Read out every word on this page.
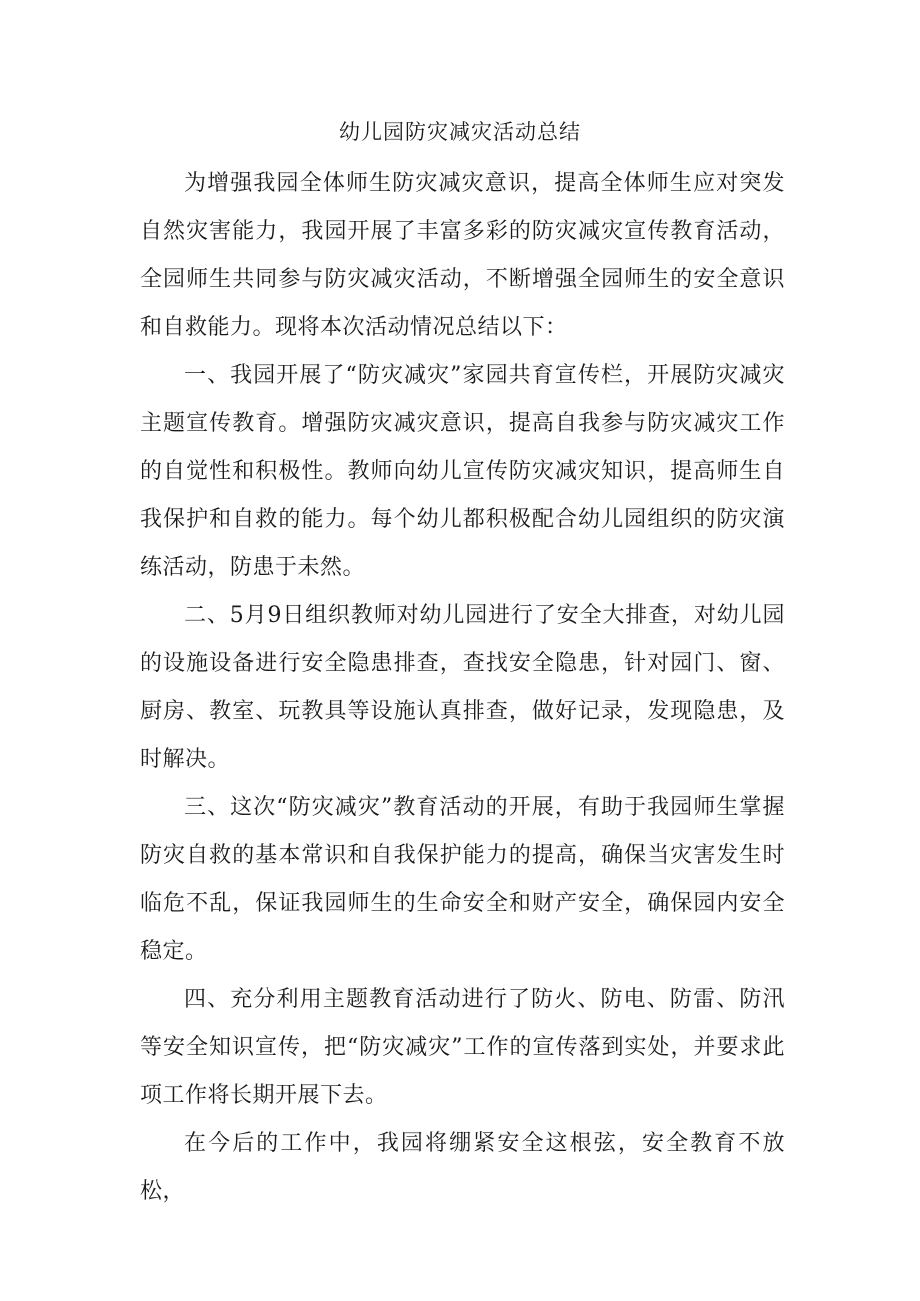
幼儿园防灾减灾活动总结

为增强我园全体师生防灾减灾意识，提高全体师生应对突发自然灾害能力，我园开展了丰富多彩的防灾减灾宣传教育活动，全园师生共同参与防灾减灾活动，不断增强全园师生的安全意识和自救能力。现将本次活动情况总结以下：

一、我园开展了“防灾减灾”家园共育宣传栏，开展防灾减灾主题宣传教育。增强防灾减灾意识，提高自我参与防灾减灾工作的自觉性和积极性。教师向幼儿宣传防灾减灾知识，提高师生自我保护和自救的能力。每个幼儿都积极配合幼儿园组织的防灾演练活动，防患于未然。

二、5月9日组织教师对幼儿园进行了安全大排查，对幼儿园的设施设备进行安全隐患排查，查找安全隐患，针对园门、窗、厨房、教室、玩教具等设施认真排查，做好记录，发现隐患，及时解决。

三、这次“防灾减灾”教育活动的开展，有助于我园师生掌握防灾自救的基本常识和自我保护能力的提高，确保当灾害发生时临危不乱，保证我园师生的生命安全和财产安全，确保园内安全稳定。

四、充分利用主题教育活动进行了防火、防电、防雷、防汛等安全知识宣传，把“防灾减灾”工作的宣传落到实处，并要求此项工作将长期开展下去。

在今后的工作中，我园将绷紧安全这根弦，安全教育不放松，
